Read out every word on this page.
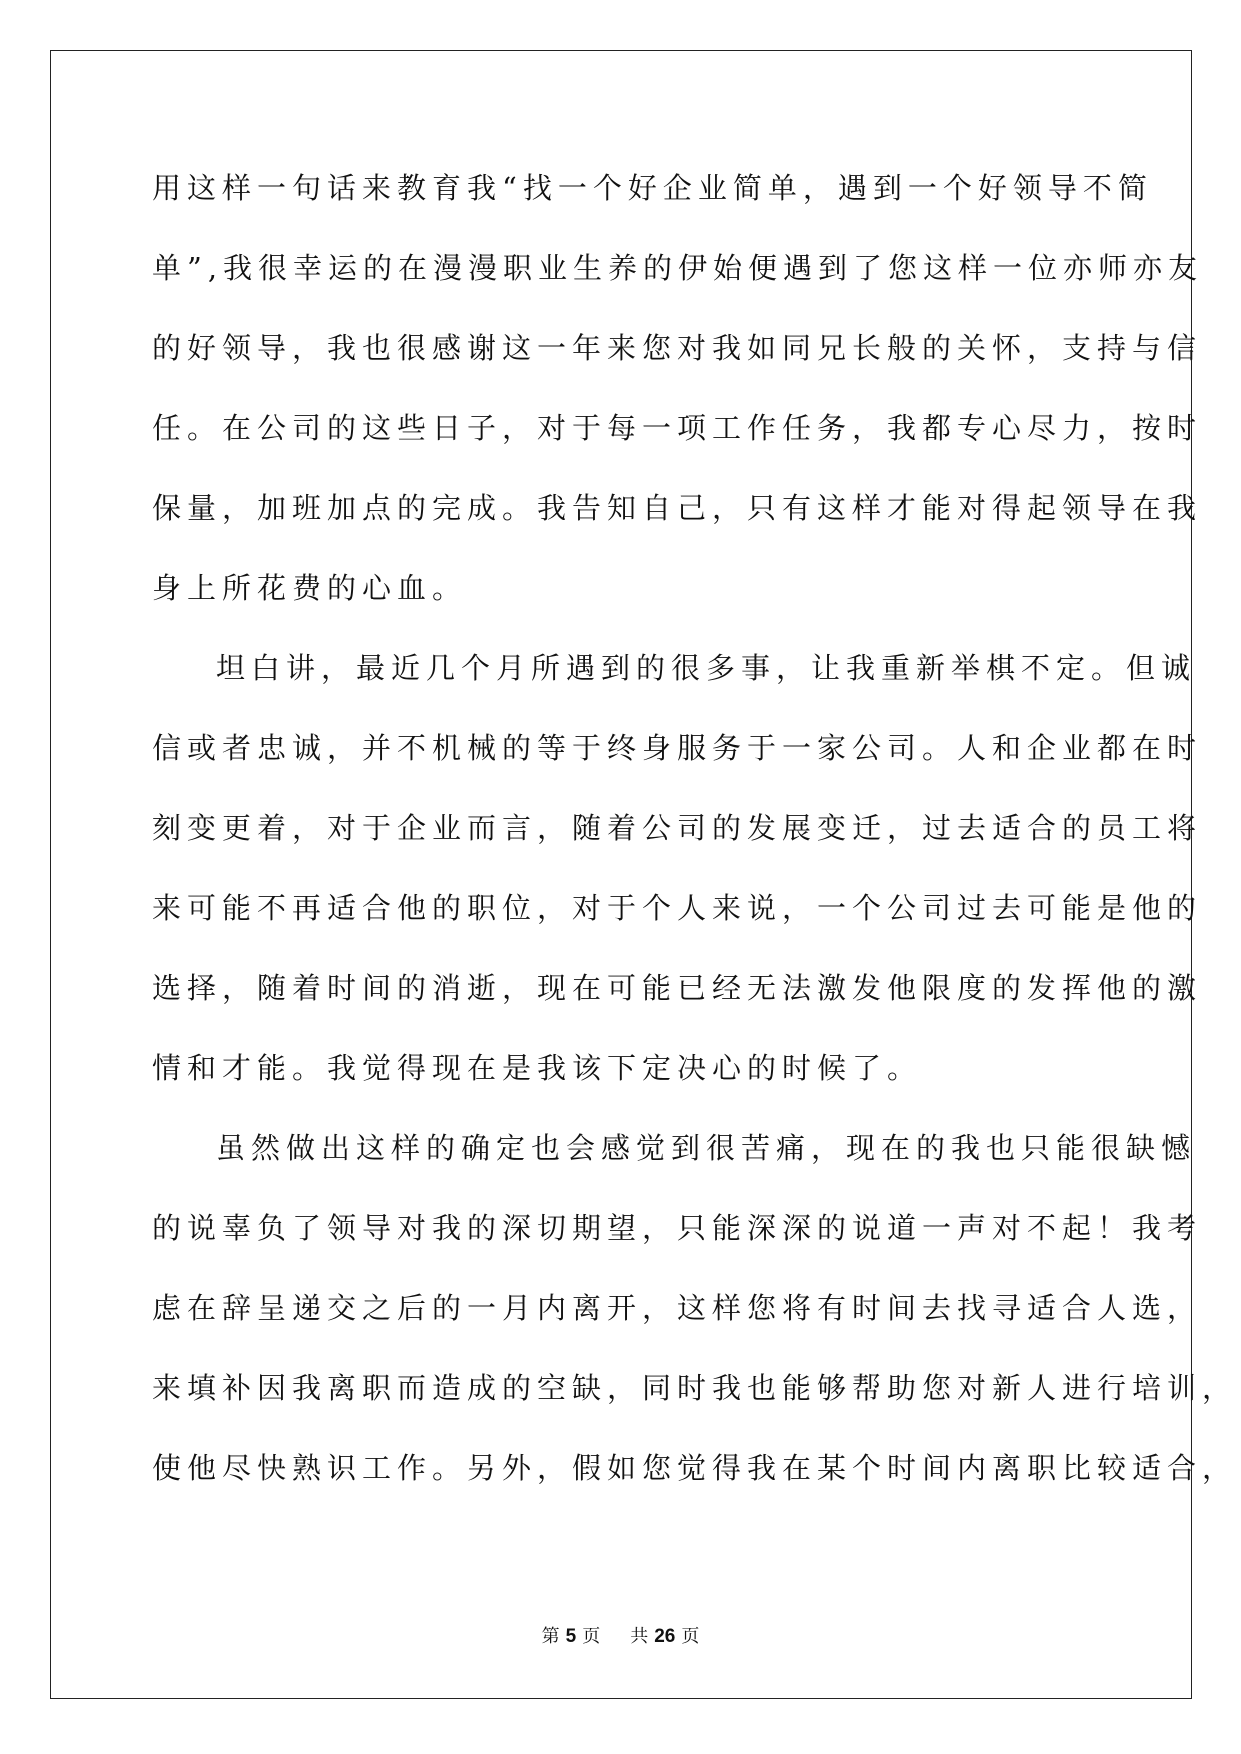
用这样一句话来教育我“找一个好企业简单，遇到一个好领导不简
单”,我很幸运的在漫漫职业生养的伊始便遇到了您这样一位亦师亦友
的好领导，我也很感谢这一年来您对我如同兄长般的关怀，支持与信
任。在公司的这些日子，对于每一项工作任务，我都专心尽力，按时
保量，加班加点的完成。我告知自己，只有这样才能对得起领导在我
身上所花费的心血。
坦白讲，最近几个月所遇到的很多事，让我重新举棋不定。但诚
信或者忠诚，并不机械的等于终身服务于一家公司。人和企业都在时
刻变更着，对于企业而言，随着公司的发展变迁，过去适合的员工将
来可能不再适合他的职位，对于个人来说，一个公司过去可能是他的
选择，随着时间的消逝，现在可能已经无法激发他限度的发挥他的激
情和才能。我觉得现在是我该下定决心的时候了。
虽然做出这样的确定也会感觉到很苦痛，现在的我也只能很缺憾
的说辜负了领导对我的深切期望，只能深深的说道一声对不起！我考
虑在辞呈递交之后的一月内离开，这样您将有时间去找寻适合人选，
来填补因我离职而造成的空缺，同时我也能够帮助您对新人进行培训，
使他尽快熟识工作。另外，假如您觉得我在某个时间内离职比较适合，
第 5 页 共 26 页
